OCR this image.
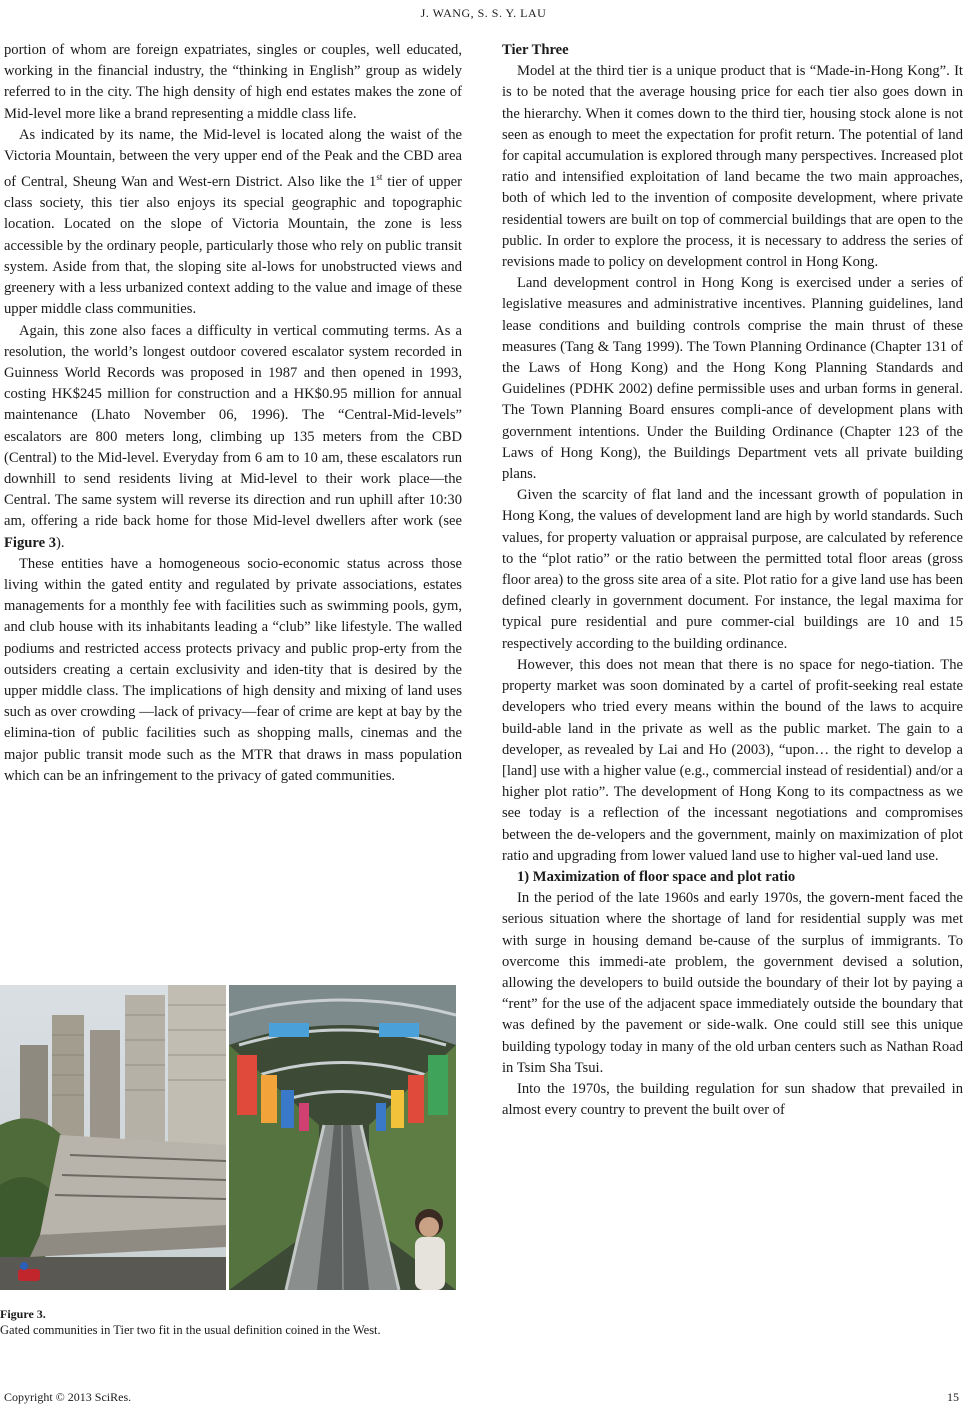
J. WANG, S. S. Y. LAU

portion of whom are foreign expatriates, singles or couples, well educated, working in the financial industry, the “thinking in English” group as widely referred to in the city. The high density of high end estates makes the zone of Mid-level more like a brand representing a middle class life.

As indicated by its name, the Mid-level is located along the waist of the Victoria Mountain, between the very upper end of the Peak and the CBD area of Central, Sheung Wan and West-ern District. Also like the 1st tier of upper class society, this tier also enjoys its special geographic and topographic location. Located on the slope of Victoria Mountain, the zone is less accessible by the ordinary people, particularly those who rely on public transit system. Aside from that, the sloping site al-lows for unobstructed views and greenery with a less urbanized context adding to the value and image of these upper middle class communities.

Again, this zone also faces a difficulty in vertical commuting terms. As a resolution, the world’s longest outdoor covered escalator system recorded in Guinness World Records was proposed in 1987 and then opened in 1993, costing HK$245 million for construction and a HK$0.95 million for annual maintenance (Lhato November 06, 1996). The “Central-Mid-levels” escalators are 800 meters long, climbing up 135 meters from the CBD (Central) to the Mid-level. Everyday from 6 am to 10 am, these escalators run downhill to send residents living at Mid-level to their work place—the Central. The same system will reverse its direction and run uphill after 10:30 am, offering a ride back home for those Mid-level dwellers after work (see Figure 3).

These entities have a homogeneous socio-economic status across those living within the gated entity and regulated by private associations, estates managements for a monthly fee with facilities such as swimming pools, gym, and club house with its inhabitants leading a “club” like lifestyle. The walled podiums and restricted access protects privacy and public prop-erty from the outsiders creating a certain exclusivity and iden-tity that is desired by the upper middle class. The implications of high density and mixing of land uses such as over crowding —lack of privacy—fear of crime are kept at bay by the elimina-tion of public facilities such as shopping malls, cinemas and the major public transit mode such as the MTR that draws in mass population which can be an infringement to the privacy of gated communities.

Figure 3.
Gated communities in Tier two fit in the usual definition coined in the West.
Tier Three

Model at the third tier is a unique product that is “Made-in-Hong Kong”. It is to be noted that the average housing price for each tier also goes down in the hierarchy. When it comes down to the third tier, housing stock alone is not seen as enough to meet the expectation for profit return. The potential of land for capital accumulation is explored through many perspectives. Increased plot ratio and intensified exploitation of land became the two main approaches, both of which led to the invention of composite development, where private residential towers are built on top of commercial buildings that are open to the public. In order to explore the process, it is necessary to address the series of revisions made to policy on development control in Hong Kong.

Land development control in Hong Kong is exercised under a series of legislative measures and administrative incentives. Planning guidelines, land lease conditions and building controls comprise the main thrust of these measures (Tang & Tang 1999). The Town Planning Ordinance (Chapter 131 of the Laws of Hong Kong) and the Hong Kong Planning Standards and Guidelines (PDHK 2002) define permissible uses and urban forms in general. The Town Planning Board ensures compli-ance of development plans with government intentions. Under the Building Ordinance (Chapter 123 of the Laws of Hong Kong), the Buildings Department vets all private building plans.

Given the scarcity of flat land and the incessant growth of population in Hong Kong, the values of development land are high by world standards. Such values, for property valuation or appraisal purpose, are calculated by reference to the “plot ratio” or the ratio between the permitted total floor areas (gross floor area) to the gross site area of a site. Plot ratio for a give land use has been defined clearly in government document. For instance, the legal maxima for typical pure residential and pure commer-cial buildings are 10 and 15 respectively according to the building ordinance.

However, this does not mean that there is no space for nego-tiation. The property market was soon dominated by a cartel of profit-seeking real estate developers who tried every means within the bound of the laws to acquire build-able land in the private as well as the public market. The gain to a developer, as revealed by Lai and Ho (2003), “upon… the right to develop a [land] use with a higher value (e.g., commercial instead of residential) and/or a higher plot ratio”. The development of Hong Kong to its compactness as we see today is a reflection of the incessant negotiations and compromises between the de-velopers and the government, mainly on maximization of plot ratio and upgrading from lower valued land use to higher val-ued land use.

1) Maximization of floor space and plot ratio

In the period of the late 1960s and early 1970s, the govern-ment faced the serious situation where the shortage of land for residential supply was met with surge in housing demand be-cause of the surplus of immigrants. To overcome this immedi-ate problem, the government devised a solution, allowing the developers to build outside the boundary of their lot by paying a “rent” for the use of the adjacent space immediately outside the boundary that was defined by the pavement or side-walk. One could still see this unique building typology today in many of the old urban centers such as Nathan Road in Tsim Sha Tsui.

Into the 1970s, the building regulation for sun shadow that prevailed in almost every country to prevent the built over of

Copyright © 2013 SciRes.	15
